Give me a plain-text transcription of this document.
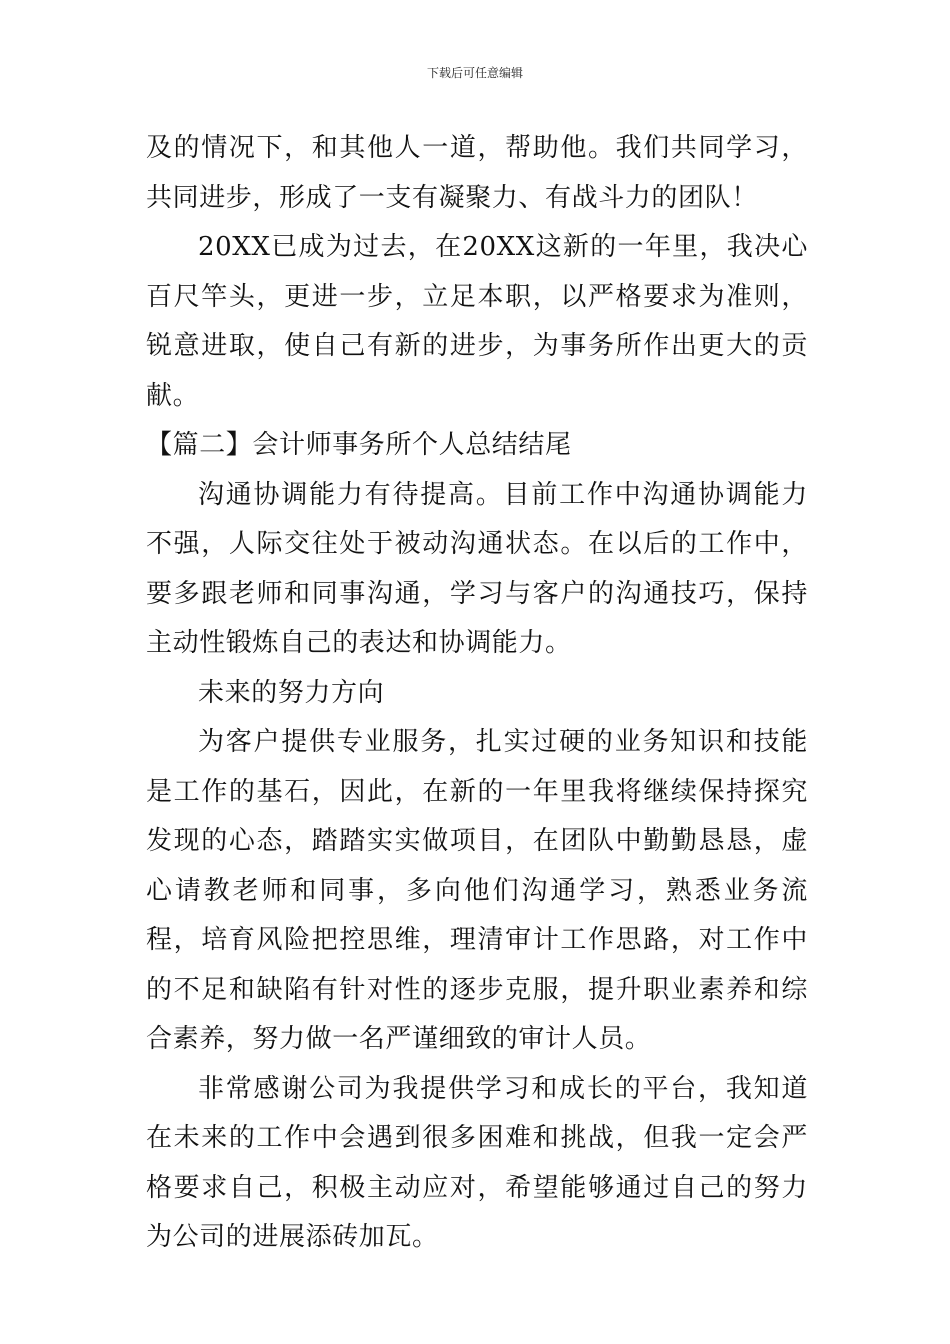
下载后可任意编辑

及的情况下，和其他人一道，帮助他。我们共同学习，共同进步，形成了一支有凝聚力、有战斗力的团队！

20XX已成为过去，在20XX这新的一年里，我决心百尺竿头，更进一步，立足本职，以严格要求为准则，锐意进取，使自己有新的进步，为事务所作出更大的贡献。

【篇二】会计师事务所个人总结结尾

沟通协调能力有待提高。目前工作中沟通协调能力不强，人际交往处于被动沟通状态。在以后的工作中，要多跟老师和同事沟通，学习与客户的沟通技巧，保持主动性锻炼自己的表达和协调能力。

未来的努力方向

为客户提供专业服务，扎实过硬的业务知识和技能是工作的基石，因此，在新的一年里我将继续保持探究发现的心态，踏踏实实做项目，在团队中勤勤恳恳，虚心请教老师和同事，多向他们沟通学习，熟悉业务流程，培育风险把控思维，理清审计工作思路，对工作中的不足和缺陷有针对性的逐步克服，提升职业素养和综合素养，努力做一名严谨细致的审计人员。

非常感谢公司为我提供学习和成长的平台，我知道在未来的工作中会遇到很多困难和挑战，但我一定会严格要求自己，积极主动应对，希望能够通过自己的努力为公司的进展添砖加瓦。
